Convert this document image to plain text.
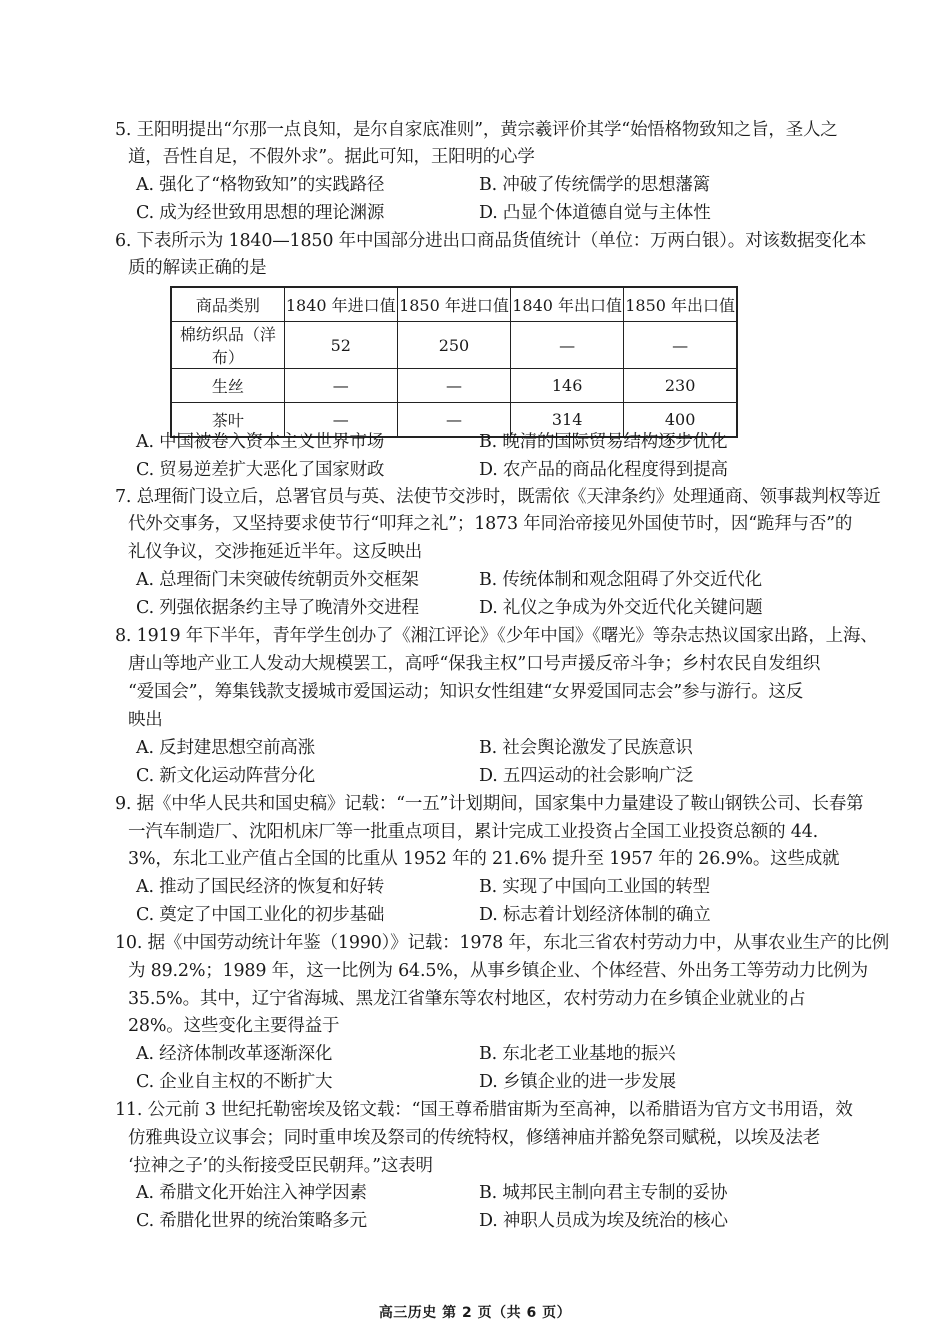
5. 王阳明提出“尔那一点良知，是尔自家底准则”，黄宗羲评价其学“始悟格物致知之旨，圣人之
道，吾性自足，不假外求”。据此可知，王阳明的心学
A. 强化了“格物致知”的实践路径	B. 冲破了传统儒学的思想藩篱
C. 成为经世致用思想的理论渊源	D. 凸显个体道德自觉与主体性
6. 下表所示为 1840—1850 年中国部分进出口商品货值统计（单位：万两白银）。对该数据变化本
质的解读正确的是
商品类别	1840 年进口值	1850 年进口值	1840 年出口值	1850 年出口值
棉纺织品（洋布）	52	250	—	—
生丝	—	—	146	230
茶叶	—	—	314	400
A. 中国被卷入资本主义世界市场	B. 晚清的国际贸易结构逐步优化
C. 贸易逆差扩大恶化了国家财政	D. 农产品的商品化程度得到提高
7. 总理衙门设立后，总署官员与英、法使节交涉时，既需依《天津条约》处理通商、领事裁判权等近
代外交事务，又坚持要求使节行“叩拜之礼”；1873 年同治帝接见外国使节时，因“跪拜与否”的
礼仪争议，交涉拖延近半年。这反映出
A. 总理衙门未突破传统朝贡外交框架	B. 传统体制和观念阻碍了外交近代化
C. 列强依据条约主导了晚清外交进程	D. 礼仪之争成为外交近代化关键问题
8. 1919 年下半年，青年学生创办了《湘江评论》《少年中国》《曙光》等杂志热议国家出路，上海、
唐山等地产业工人发动大规模罢工，高呼“保我主权”口号声援反帝斗争；乡村农民自发组织
“爱国会”，筹集钱款支援城市爱国运动；知识女性组建“女界爱国同志会”参与游行。这反
映出
A. 反封建思想空前高涨	B. 社会舆论激发了民族意识
C. 新文化运动阵营分化	D. 五四运动的社会影响广泛
9. 据《中华人民共和国史稿》记载：“一五”计划期间，国家集中力量建设了鞍山钢铁公司、长春第
一汽车制造厂、沈阳机床厂等一批重点项目，累计完成工业投资占全国工业投资总额的 44.
3%，东北工业产值占全国的比重从 1952 年的 21.6% 提升至 1957 年的 26.9%。这些成就
A. 推动了国民经济的恢复和好转	B. 实现了中国向工业国的转型
C. 奠定了中国工业化的初步基础	D. 标志着计划经济体制的确立
10. 据《中国劳动统计年鉴（1990）》记载：1978 年，东北三省农村劳动力中，从事农业生产的比例
为 89.2%；1989 年，这一比例为 64.5%，从事乡镇企业、个体经营、外出务工等劳动力比例为
35.5%。其中，辽宁省海城、黑龙江省肇东等农村地区，农村劳动力在乡镇企业就业的占
28%。这些变化主要得益于
A. 经济体制改革逐渐深化	B. 东北老工业基地的振兴
C. 企业自主权的不断扩大	D. 乡镇企业的进一步发展
11. 公元前 3 世纪托勒密埃及铭文载：“国王尊希腊宙斯为至高神，以希腊语为官方文书用语，效
仿雅典设立议事会；同时重申埃及祭司的传统特权，修缮神庙并豁免祭司赋税，以埃及法老
‘拉神之子’的头衔接受臣民朝拜。”这表明
A. 希腊文化开始注入神学因素	B. 城邦民主制向君主专制的妥协
C. 希腊化世界的统治策略多元	D. 神职人员成为埃及统治的核心
高三历史 第 2 页（共 6 页）
